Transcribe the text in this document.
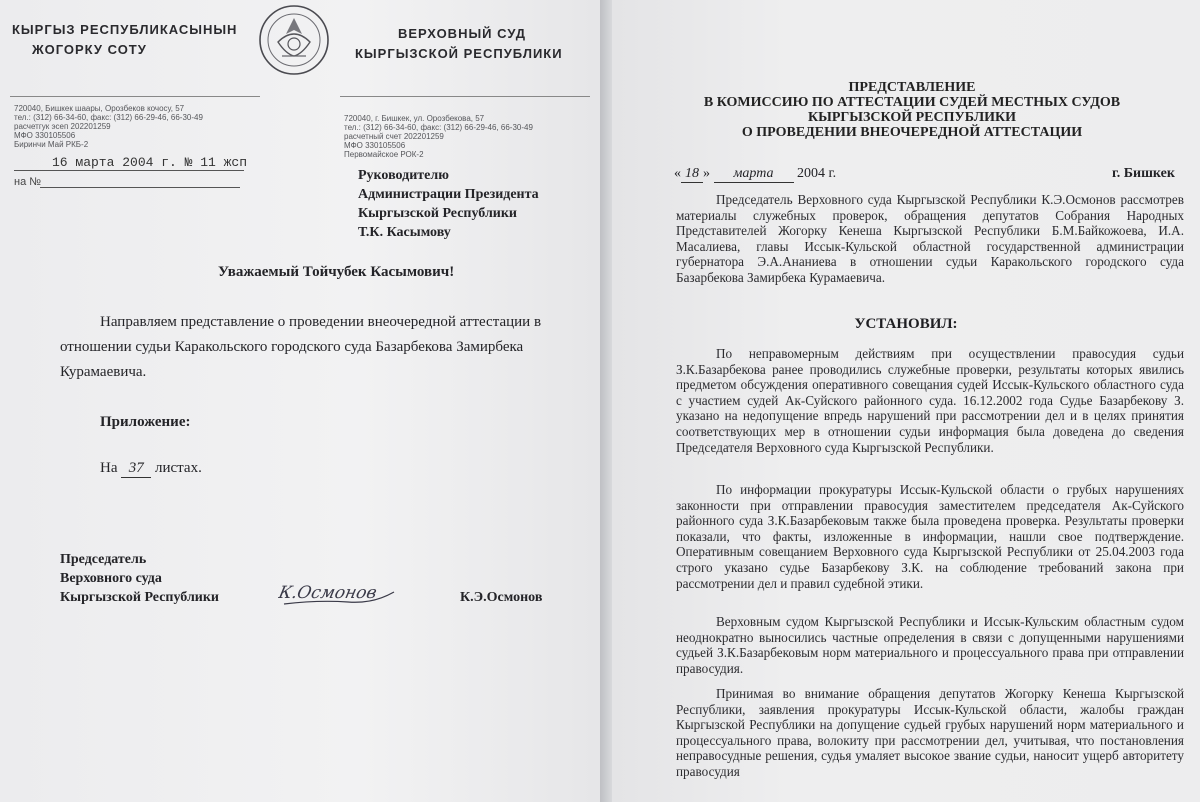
КЫРГЫЗ РЕСПУБЛИКАСЫНЫН
ЖОГОРКУ СОТУ
ВЕРХОВНЫЙ СУД
КЫРГЫЗСКОЙ РЕСПУБЛИКИ
720040, Бишкек шаары, Орозбеков кочосу, 57
тел.: (312) 66-34-60, факс: (312) 66-29-46, 66-30-49
расчетгук эсеп 202201259
МФО 330105506
Биринчи Май РКБ-2
720040, г. Бишкек, ул. Орозбекова, 57
тел.: (312) 66-34-60, факс: (312) 66-29-46, 66-30-49
расчетный счет 202201259
МФО 330105506
Первомайское РОК-2
16 марта 2004 г. № 11 жсп
на №	Руководителю
Администрации Президента
Кыргызской Республики
Т.К. Касымову
Уважаемый Тойчубек Касымович!
Направляем представление о проведении внеочередной аттестации в
отношении судьи Каракольского городского суда Базарбекова Замирбека
Курамаевича.
Приложение:
На 37 листах.
Председатель
Верховного суда
Кыргызской Республики	К.Осмонов	К.Э.Осмонов
ПРЕДСТАВЛЕНИЕ
В КОМИССИЮ ПО АТТЕСТАЦИИ СУДЕЙ МЕСТНЫХ СУДОВ
КЫРГЫЗСКОЙ РЕСПУБЛИКИ
О ПРОВЕДЕНИИ ВНЕОЧЕРЕДНОЙ АТТЕСТАЦИИ
« 18 » марта 2004 г.	г. Бишкек
Председатель Верховного суда Кыргызской Республики К.Э.Осмонов рассмотрев материалы служебных проверок, обращения депутатов Собрания Народных Представителей Жогорку Кенеша Кыргызской Республики Б.М.Байкожоева, И.А. Масалиева, главы Иссык-Кульской областной государственной администрации губернатора Э.А.Ананиева в отношении судьи Каракольского городского суда Базарбекова Замирбека Курамаевича.
УСТАНОВИЛ:
По неправомерным действиям при осуществлении правосудия судьи З.К.Базарбекова ранее проводились служебные проверки, результаты которых явились предметом обсуждения оперативного совещания судей Иссык-Кульского областного суда с участием судей Ак-Суйского районного суда. 16.12.2002 года Судье Базарбекову З. указано на недопущение впредь нарушений при рассмотрении дел и в целях принятия соответствующих мер в отношении судьи информация была доведена до сведения Председателя Верховного суда Кыргызской Республики.
По информации прокуратуры Иссык-Кульской области о грубых нарушениях законности при отправлении правосудия заместителем председателя Ак-Суйского районного суда З.К.Базарбековым также была проведена проверка. Результаты проверки показали, что факты, изложенные в информации, нашли свое подтверждение. Оперативным совещанием Верховного суда Кыргызской Республики от 25.04.2003 года строго указано судье Базарбекову З.К. на соблюдение требований закона при рассмотрении дел и правил судебной этики.
Верховным судом Кыргызской Республики и Иссык-Кульским областным судом неоднократно выносились частные определения в связи с допущенными нарушениями судьей З.К.Базарбековым норм материального и процессуального права при отправлении правосудия.
Принимая во внимание обращения депутатов Жогорку Кенеша Кыргызской Республики, заявления прокуратуры Иссык-Кульской области, жалобы граждан Кыргызской Республики на допущение судьей грубых нарушений норм материального и процессуального права, волокиту при рассмотрении дел, учитывая, что постановления неправосудные решения, судья умаляет высокое звание судьи, наносит ущерб авторитету правосудия
